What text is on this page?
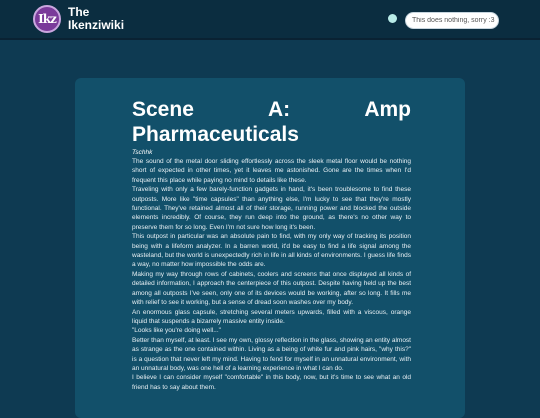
Ikz The
Ikenziwiki
This does nothing, sorry :3
Scene A: Amp Pharmaceuticals
Tschhk

The sound of the metal door sliding effortlessly across the sleek metal floor would be nothing short of expected in other times, yet it leaves me astonished. Gone are the times when I'd frequent this place while paying no mind to details like these.

Traveling with only a few barely-function gadgets in hand, it's been troublesome to find these outposts. More like "time capsules" than anything else, I'm lucky to see that they're mostly functional. They've retained almost all of their storage, running power and blocked the outside elements incredibly. Of course, they run deep into the ground, as there's no other way to preserve them for so long. Even I'm not sure how long it's been.

This outpost in particular was an absolute pain to find, with my only way of tracking its position being with a lifeform analyzer. In a barren world, it'd be easy to find a life signal among the wasteland, but the world is unexpectedly rich in life in all kinds of environments. I guess life finds a way, no matter how impossible the odds are.

Making my way through rows of cabinets, coolers and screens that once displayed all kinds of detailed information, I approach the centerpiece of this outpost. Despite having held up the best among all outposts I've seen, only one of its devices would be working, after so long. It fills me with relief to see it working, but a sense of dread soon washes over my body.

An enormous glass capsule, stretching several meters upwards, filled with a viscous, orange liquid that suspends a bizarrely massive entity inside.

"Looks like you're doing well..."

Better than myself, at least. I see my own, glossy reflection in the glass, showing an entity almost as strange as the one contained within. Living as a being of white fur and pink hairs, "why this?" is a question that never left my mind. Having to fend for myself in an unnatural environment, with an unnatural body, was one hell of a learning experience in what I can do.

I believe I can consider myself "comfortable" in this body, now, but it's time to see what an old friend has to say about them.
